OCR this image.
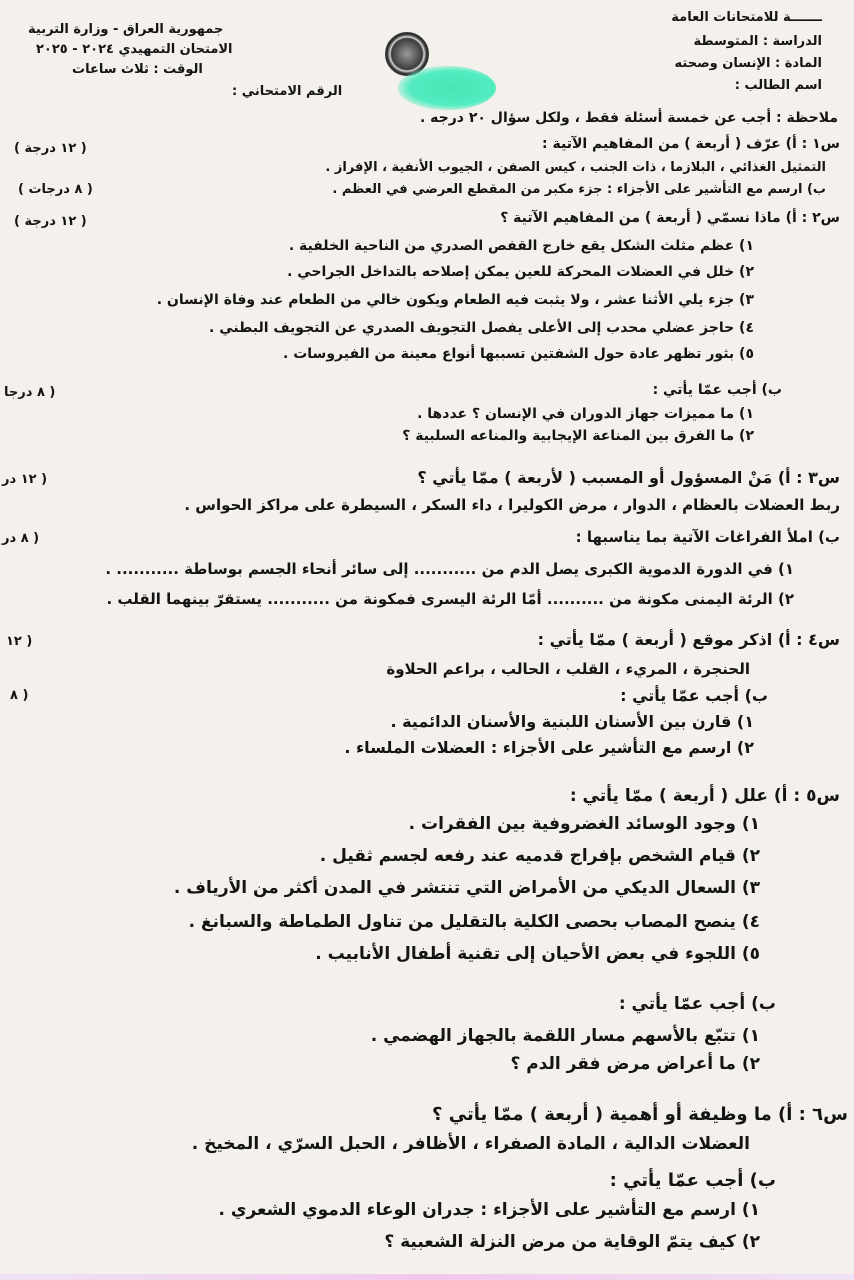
ـــــــة للامتحانات العامة
الدراسة : المتوسطة
المادة : الإنسان وصحته
اسم الطالب :
جمهورية العراق - وزارة التربية
الامتحان التمهيدي ٢٠٢٤ - ٢٠٢٥
الوقت : ثلاث ساعات
الرقم الامتحاني :
ملاحظة : أجب عن خمسة أسئلة فقط ، ولكل سؤال ٢٠ درجه .
س١ : أ) عرّف ( أربعة ) من المفاهيم الآتية :
( ١٢ درجة )
التمثيل الغذائي ، البلازما ، ذات الجنب ، كيس الصفن ، الجيوب الأنفية ، الإفراز .
ب) ارسم مع التأشير على الأجزاء : جزء مكبر من المقطع العرضي في العظم .
( ٨ درجات )
س٢ : أ) ماذا نسمّي ( أربعة ) من المفاهيم الآتية ؟
( ١٢ درجة )
١) عظم مثلث الشكل يقع خارج القفص الصدري من الناحية الخلفية .
٢) خلل في العضلات المحركة للعين يمكن إصلاحه بالتداخل الجراحي .
٣) جزء يلي الأثنا عشر ، ولا يثبت فيه الطعام ويكون خالي من الطعام عند وفاة الإنسان .
٤) حاجز عضلي محدب إلى الأعلى يفصل التجويف الصدري عن التجويف البطني .
٥) بثور تظهر عادة حول الشفتين تسببها أنواع معينة من الفيروسات .
ب) أجب عمّا يأتي :
( ٨ درجا
١) ما مميزات جهاز الدوران في الإنسان ؟ عددها .
٢) ما الفرق بين المناعة الإيجابية والمناعه السلبية ؟
س٣ : أ) مَنْ المسؤول أو المسبب ( لأربعة ) ممّا يأتي ؟
( ١٢ در
ربط العضلات بالعظام ، الدوار ، مرض الكوليرا ، داء السكر ، السيطرة على مراكز الحواس .
ب) املأ الفراغات الآتية بما يناسبها :
( ٨ در
١) في الدورة الدموية الكبرى يصل الدم من ........... إلى سائر أنحاء الجسم بوساطة ........... .
٢) الرئة اليمنى مكونة من .......... أمّا الرئة اليسرى فمكونة من ........... يستقرّ بينهما القلب .
س٤ : أ) اذكر موقع ( أربعة ) ممّا يأتي :
( ١٢
الحنجرة ، المريء ، القلب ، الحالب ، براعم الحلاوة
ب) أجب عمّا يأتي :
( ٨
١) قارن بين الأسنان اللبنية والأسنان الدائمية .
٢) ارسم مع التأشير على الأجزاء : العضلات الملساء .
س٥ : أ) علل ( أربعة ) ممّا يأتي :
١) وجود الوسائد الغضروفية بين الفقرات .
٢) قيام الشخص بإفراج قدميه عند رفعه لجسم ثقيل .
٣) السعال الديكي من الأمراض التي تنتشر في المدن أكثر من الأرياف .
٤) ينصح المصاب بحصى الكلية بالتقليل من تناول الطماطة والسبانغ .
٥) اللجوء في بعض الأحيان إلى تقنية أطفال الأنابيب .
ب) أجب عمّا يأتي :
١) تتبّع بالأسهم مسار اللقمة بالجهاز الهضمي .
٢) ما أعراض مرض فقر الدم ؟
س٦ : أ) ما وظيفة أو أهمية ( أربعة ) ممّا يأتي ؟
العضلات الدالية ، المادة الصفراء ، الأظافر ، الحبل السرّي ، المخيخ .
ب) أجب عمّا يأتي :
١) ارسم مع التأشير على الأجزاء : جدران الوعاء الدموي الشعري .
٢) كيف يتمّ الوقاية من مرض النزلة الشعبية ؟
